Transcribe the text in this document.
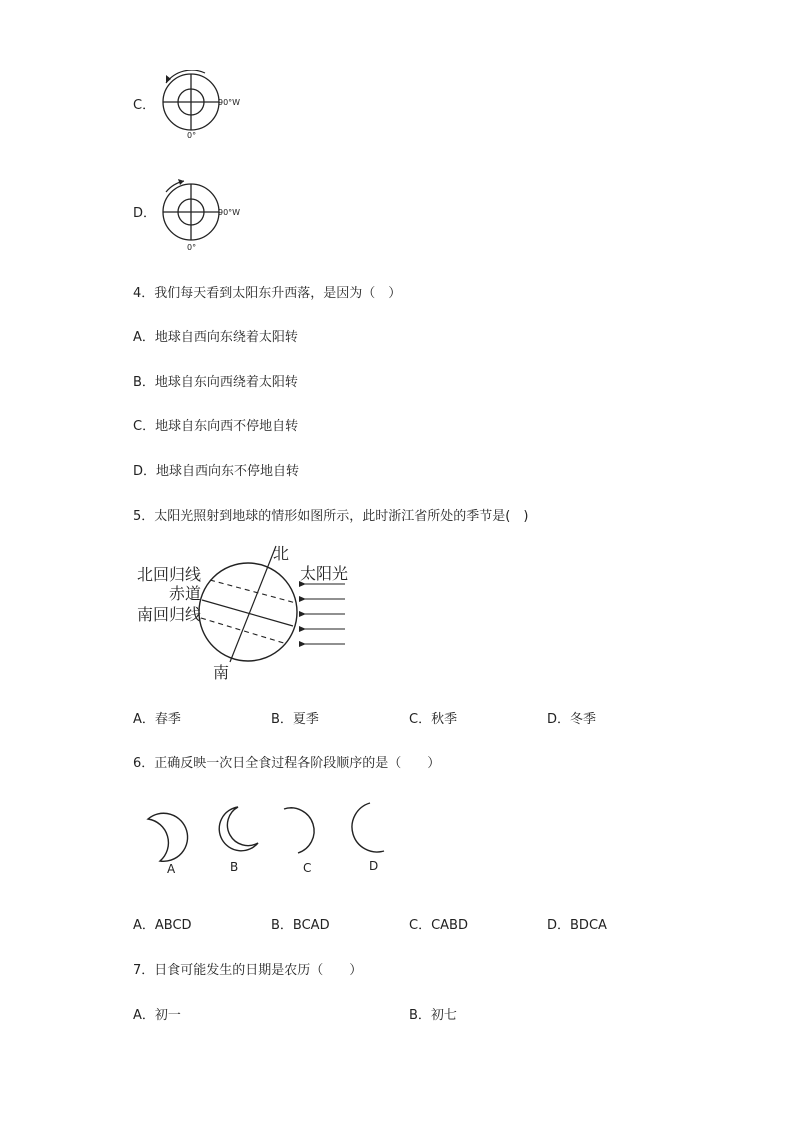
C．	90°W
0°
D．	90°W
0°
4．我们每天看到太阳东升西落，是因为（　）
A．地球自西向东绕着太阳转
B．地球自东向西绕着太阳转
C．地球自东向西不停地自转
D．地球自西向东不停地自转
5．太阳光照射到地球的情形如图所示，此时浙江省所处的季节是(　)
北
南
太阳光
北回归线
赤道
南回归线
A．春季	B．夏季	C．秋季	D．冬季
6．正确反映一次日全食过程各阶段顺序的是（　　）
A	B	C	D
A．ABCD	B．BCAD	C．CABD	D．BDCA
7．日食可能发生的日期是农历（　　）
A．初一	B．初七
